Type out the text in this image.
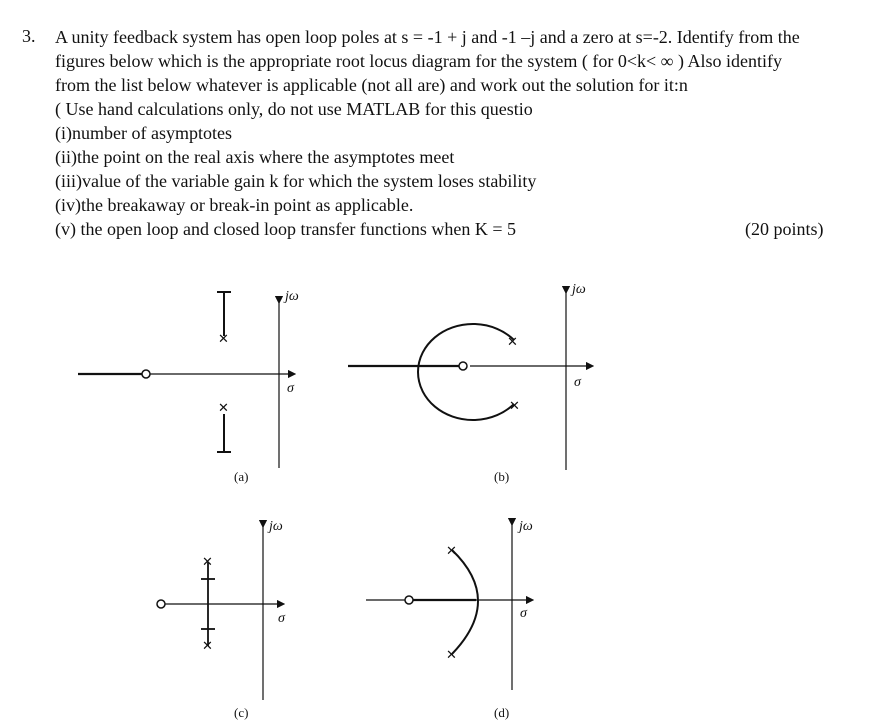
3. A unity feedback system has open loop poles at s = -1 + j and -1 –j and a zero at s=-2. Identify from the
figures below which is the appropriate root locus diagram for the system ( for 0<k< ∞ ) Also identify
from the list below whatever is applicable (not all are) and work out the solution for it:n
( Use hand calculations only, do not use MATLAB for this questio
(i)number of asymptotes
(ii)the point on the real axis where the asymptotes meet
(iii)value of the variable gain k for which the system loses stability
(iv)the breakaway or break-in point as applicable.
(v) the open loop and closed loop transfer functions when K = 5	(20 points)
✕
✕
jω
σ
(a)
✕
✕
jω
σ
(b)
✕
✕
jω
σ
(c)
✕
✕
jω
σ
(d)
